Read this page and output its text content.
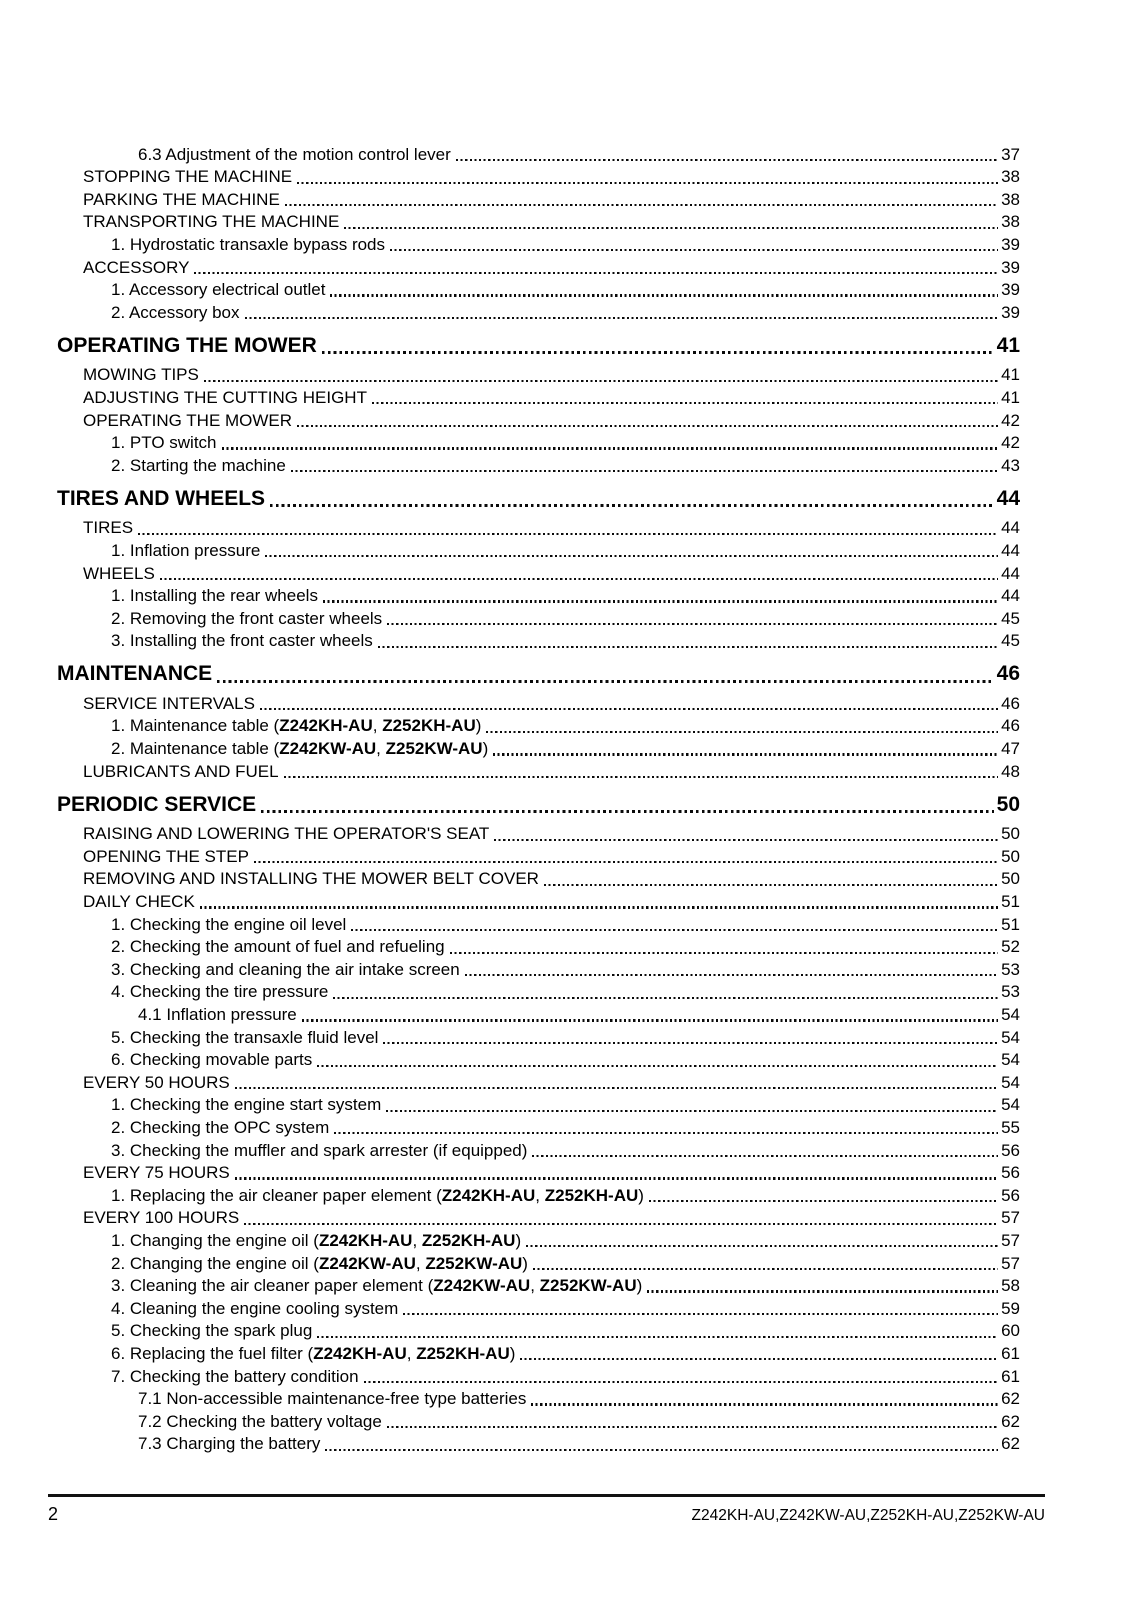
6.3 Adjustment of the motion control lever	37
STOPPING THE MACHINE	38
PARKING THE MACHINE	38
TRANSPORTING THE MACHINE	38
1. Hydrostatic transaxle bypass rods	39
ACCESSORY	39
1. Accessory electrical outlet	39
2. Accessory box	39
OPERATING THE MOWER	41
MOWING TIPS	41
ADJUSTING THE CUTTING HEIGHT	41
OPERATING THE MOWER	42
1. PTO switch	42
2. Starting the machine	43
TIRES AND WHEELS	44
TIRES	44
1. Inflation pressure	44
WHEELS	44
1. Installing the rear wheels	44
2. Removing the front caster wheels	45
3. Installing the front caster wheels	45
MAINTENANCE	46
SERVICE INTERVALS	46
1. Maintenance table (Z242KH-AU, Z252KH-AU)	46
2. Maintenance table (Z242KW-AU, Z252KW-AU)	47
LUBRICANTS AND FUEL	48
PERIODIC SERVICE	50
RAISING AND LOWERING THE OPERATOR'S SEAT	50
OPENING THE STEP	50
REMOVING AND INSTALLING THE MOWER BELT COVER	50
DAILY CHECK	51
1. Checking the engine oil level	51
2. Checking the amount of fuel and refueling	52
3. Checking and cleaning the air intake screen	53
4. Checking the tire pressure	53
4.1 Inflation pressure	54
5. Checking the transaxle fluid level	54
6. Checking movable parts	54
EVERY 50 HOURS	54
1. Checking the engine start system	54
2. Checking the OPC system	55
3. Checking the muffler and spark arrester (if equipped)	56
EVERY 75 HOURS	56
1. Replacing the air cleaner paper element (Z242KH-AU, Z252KH-AU)	56
EVERY 100 HOURS	57
1. Changing the engine oil (Z242KH-AU, Z252KH-AU)	57
2. Changing the engine oil (Z242KW-AU, Z252KW-AU)	57
3. Cleaning the air cleaner paper element (Z242KW-AU, Z252KW-AU)	58
4. Cleaning the engine cooling system	59
5. Checking the spark plug	60
6. Replacing the fuel filter (Z242KH-AU, Z252KH-AU)	61
7. Checking the battery condition	61
7.1 Non-accessible maintenance-free type batteries	62
7.2 Checking the battery voltage	62
7.3 Charging the battery	62
2	Z242KH-AU,Z242KW-AU,Z252KH-AU,Z252KW-AU
